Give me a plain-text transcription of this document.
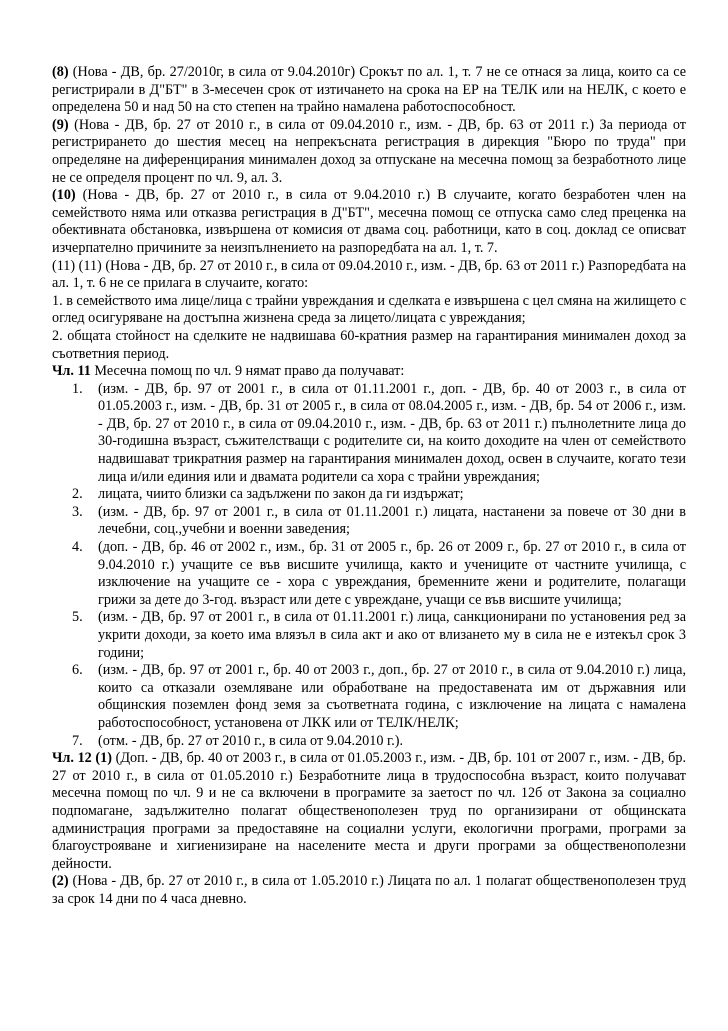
(8) (Нова - ДВ, бр. 27/2010г, в сила от 9.04.2010г) Срокът по ал. 1, т. 7 не се отнася за лица, които са се регистрирали в Д"БТ" в 3-месечен срок от изтичането на срока на ЕР на ТЕЛК или на НЕЛК, с което е определена 50 и над 50 на сто степен на трайно намалена работоспособност.

(9) (Нова - ДВ, бр. 27 от 2010 г., в сила от 09.04.2010 г., изм. - ДВ, бр. 63 от 2011 г.) За периода от регистрирането до шестия месец на непрекъсната регистрация в дирекция "Бюро по труда" при определяне на диференцирания минимален доход за отпускане на месечна помощ за безработното лице не се определя процент по чл. 9, ал. 3.

(10) (Нова - ДВ, бр. 27 от 2010 г., в сила от 9.04.2010 г.) В случаите, когато безработен член на семейството няма или отказва регистрация в Д"БТ", месечна помощ се отпуска само след преценка на обективната обстановка, извършена от комисия от двама соц. работници, като в соц. доклад се описват изчерпателно причините за неизпълнението на разпоредбата на ал. 1, т. 7.

(11) (11) (Нова - ДВ, бр. 27 от 2010 г., в сила от 09.04.2010 г., изм. - ДВ, бр. 63 от 2011 г.) Разпоредбата на ал. 1, т. 6 не се прилага в случаите, когато:

1. в семейството има лице/лица с трайни увреждания и сделката е извършена с цел смяна на жилището с оглед осигуряване на достъпна жизнена среда за лицето/лицата с увреждания;

2. общата стойност на сделките не надвишава 60-кратния размер на гарантирания минимален доход за съответния период.

Чл. 11 Месечна помощ по чл. 9 нямат право да получават:

1. (изм. - ДВ, бр. 97 от 2001 г., в сила от 01.11.2001 г., доп. - ДВ, бр. 40 от 2003 г., в сила от 01.05.2003 г., изм. - ДВ, бр. 31 от 2005 г., в сила от 08.04.2005 г., изм. - ДВ, бр. 54 от 2006 г., изм. - ДВ, бр. 27 от 2010 г., в сила от 09.04.2010 г., изм. - ДВ, бр. 63 от 2011 г.) пълнолетните лица до 30-годишна възраст, съжителстващи с родителите си, на които доходите на член от семейството надвишават трикратния размер на гарантирания минимален доход, освен в случаите, когато тези лица и/или единия или и двамата родители са хора с трайни увреждания;
2. лицата, чиито близки са задължени по закон да ги издържат;
3. (изм. - ДВ, бр. 97 от 2001 г., в сила от 01.11.2001 г.) лицата, настанени за повече от 30 дни в лечебни, соц.,учебни и военни заведения;
4. (доп. - ДВ, бр. 46 от 2002 г., изм., бр. 31 от 2005 г., бр. 26 от 2009 г., бр. 27 от 2010 г., в сила от 9.04.2010 г.) учащите се във висшите училища, както и учениците от частните училища, с изключение на учащите се - хора с увреждания, бременните жени и родителите, полагащи грижи за дете до 3-год. възраст или дете с увреждане, учащи се във висшите училища;
5. (изм. - ДВ, бр. 97 от 2001 г., в сила от 01.11.2001 г.) лица, санкционирани по установения ред за укрити доходи, за което има влязъл в сила акт и ако от влизането му в сила не е изтекъл срок 3 години;
6. (изм. - ДВ, бр. 97 от 2001 г., бр. 40 от 2003 г., доп., бр. 27 от 2010 г., в сила от 9.04.2010 г.) лица, които са отказали оземляване или обработване на предоставената им от държавния или общинския поземлен фонд земя за съответната година, с изключение на лицата с намалена работоспособност, установена от ЛКК или от ТЕЛК/НЕЛК;
7. (отм. - ДВ, бр. 27 от 2010 г., в сила от 9.04.2010 г.).

Чл. 12 (1) (Доп. - ДВ, бр. 40 от 2003 г., в сила от 01.05.2003 г., изм. - ДВ, бр. 101 от 2007 г., изм. - ДВ, бр. 27 от 2010 г., в сила от 01.05.2010 г.) Безработните лица в трудоспособна възраст, които получават месечна помощ по чл. 9 и не са включени в програмите за заетост по чл. 12б от Закона за социално подпомагане, задължително полагат общественополезен труд по организирани от общинската администрация програми за предоставяне на социални услуги, екологични програми, програми за благоустрояване и хигиенизиране на населените места и други програми за общественополезни дейности.

(2) (Нова - ДВ, бр. 27 от 2010 г., в сила от 1.05.2010 г.) Лицата по ал. 1 полагат общественополезен труд за срок 14 дни по 4 часа дневно.
